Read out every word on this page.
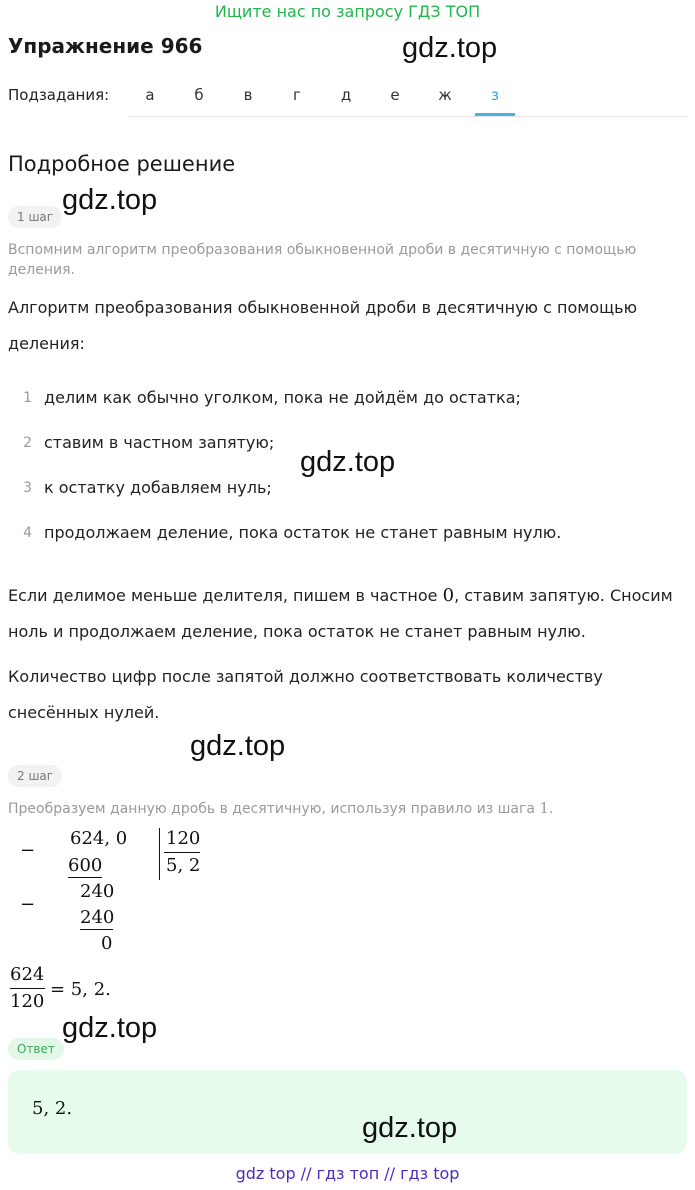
Ищите нас по запросу ГДЗ ТОП
Упражнение 966	gdz.top
Подзадания:	а	б	в	г	д	е	ж	з
Подробное решение
1 шаг
gdz.top
Вспомним алгоритм преобразования обыкновенной дроби в десятичную с помощью деления.
Алгоритм преобразования обыкновенной дроби в десятичную с помощью
деления:
1 делим как обычно уголком, пока не дойдём до остатка;
2 ставим в частном запятую;
3 к остатку добавляем нуль;
4 продолжаем деление, пока остаток не станет равным нулю.
gdz.top
Если делимое меньше делителя, пишем в частное 0, ставим запятую. Сносим
ноль и продолжаем деление, пока остаток не станет равным нулю.
Количество цифр после запятой должно соответствовать количеству
снесённых нулей.
gdz.top
2 шаг
Преобразуем данную дробь в десятичную, используя правило из шага 1.
−
624, 0
600
240
−
240
0
120
5, 2
624
120
= 5, 2.
gdz.top
Ответ
5, 2.
gdz.top
gdz top // гдз топ // гдз top
